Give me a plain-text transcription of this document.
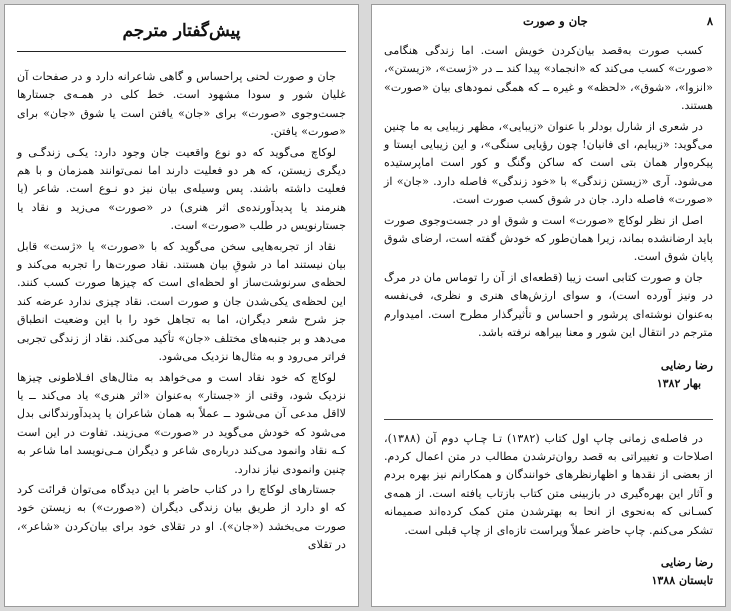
پیش‌گفتار مترجم

جان و صورت لحنی پراحساس و گاهی شاعرانه دارد و در صفحات آن غلیان شور و سودا مشهود است. خط کلی در همـه‌ی جستارها جست‌وجوی «صورت» برای «جان» یافتن است یا شوق «جان» برای «صورت» یافتن.

لوکاچ می‌گوید که دو نوع واقعیت جان وجود دارد: یکـی زندگـی و دیگری زیستن، که هر دو فعلیت دارند اما نمی‌توانند همزمان و با هم فعلیت داشته باشند. پس وسیله‌ی بیان نیز دو نـوع است. شاعر (یا هنرمند یا پدیدآورنده‌ی اثر هنری) در «صورت» می‌زید و نقاد یا جستارنویس در طلب «صورت» است.

نقاد از تجربه‌هایی سخن می‌گوید که با «صورت» یا «ژست» قابل بیان نیستند اما در شوقِ بیان هستند. نقاد صورت‌ها را تجربه می‌کند و لحظه‌ی سرنوشت‌ساز او لحظه‌ای است که چیزها صورت کسب کنند. این لحظه‌ی یکی‌شدن جان و صورت است. نقاد چیزی ندارد عرضه کند جز شرح شعر دیگران، اما به تجاهل خود را با این وضعیت انطباق می‌دهد و بر جنبه‌های مختلف «جان» تأکید می‌کند. نقاد از زندگی تجربی فراتر می‌رود و به مثال‌ها نزدیک می‌شود.

لوکاچ که خود نقاد است و می‌خواهد به مثال‌های افـلاطونی چیزها نزدیک شود، وقتی از «جستار» به‌عنوان «اثر هنری» یاد می‌کند ــ یا لااقل مدعی آن می‌شود ــ عملاً به همان شاعران یا پدیدآورندگانی بدل می‌شود که خودش می‌گوید در «صورت» می‌زیند. تفاوت در این است کـه نقاد وانمود می‌کند درباره‌ی شاعر و دیگران مـی‌نویسد اما شاعر به چنین وانمودی نیاز ندارد.

جستارهای لوکاچ را در کتاب حاضر با این دیدگاه می‌توان قرائت کرد که او دارد از طریق بیان زندگی دیگران («صورت») به زیستن خود صورت می‌بخشد («جان»). او در تقلای خود برای بیان‌کردن «شاعر»، در تقلای

۸
جان و صورت

کسب صورت به‌قصد بیان‌کردن خویش است. اما زندگی هنگامی «صورت» کسب می‌کند که «انجماد» پیدا کند ــ در «ژست»، «زیستن»، «انزوا»، «شوق»، «لحظه» و غیره ــ که همگی نمودهای بیان «صورت» هستند.

در شعری از شارل بودلر با عنوان «زیبایی»، مظهر زیبایی به ما چنین می‌گوید: «زیبایم، ای فانیان! چون رؤیایی سنگی»، و این زیبایی ایستا و پیکره‌وار همان بتی است که ساکن وگنگ و کور است اماپرستیده می‌شود. آری «زیستن زندگی» با «خود زندگی» فاصله دارد. «جان» از «صورت» فاصله دارد. جان در شوق کسب صورت است.

اصل از نظر لوکاچ «صورت» است و شوق او در جست‌وجوی صورت باید ارضانشده بماند، زیرا همان‌طور که خودش گفته است، ارضای شوق پایان شوق است.

جان و صورت کتابی است زیبا (قطعه‌ای از آن را توماس مان در مرگ در ونیز آورده است)، و سوای ارزش‌های هنری و نظری، فی‌نفسه به‌عنوان نوشته‌ای پرشور و احساس و تأثیرگذار مطرح است. امیدوارم مترجم در انتقال این شور و معنا بیراهه نرفته باشد.

رضا رضایی
بهار ۱۳۸۲

در فاصله‌ی زمانی چاپ اول کتاب (۱۳۸۲) تـا چـاپ دوم آن (۱۳۸۸)، اصلاحات و تغییراتی به قصد روان‌ترشدن مطالب در متن اعمال کردم. از بعضی از نقدها و اظهارنظرهای خوانندگان و همکارانم نیز بهره بردم و آثار این بهره‌گیری در بازبینی متن کتاب بازتاب یافته است. از همه‌ی کسـانی که به‌نحوی از انحا به بهترشدن متن کمک کرده‌اند صمیمانه تشکر می‌کنم. چاپ حاضر عملاً ویراست تازه‌ای از چاپ قبلی است.

رضا رضایی
تابستان ۱۳۸۸
